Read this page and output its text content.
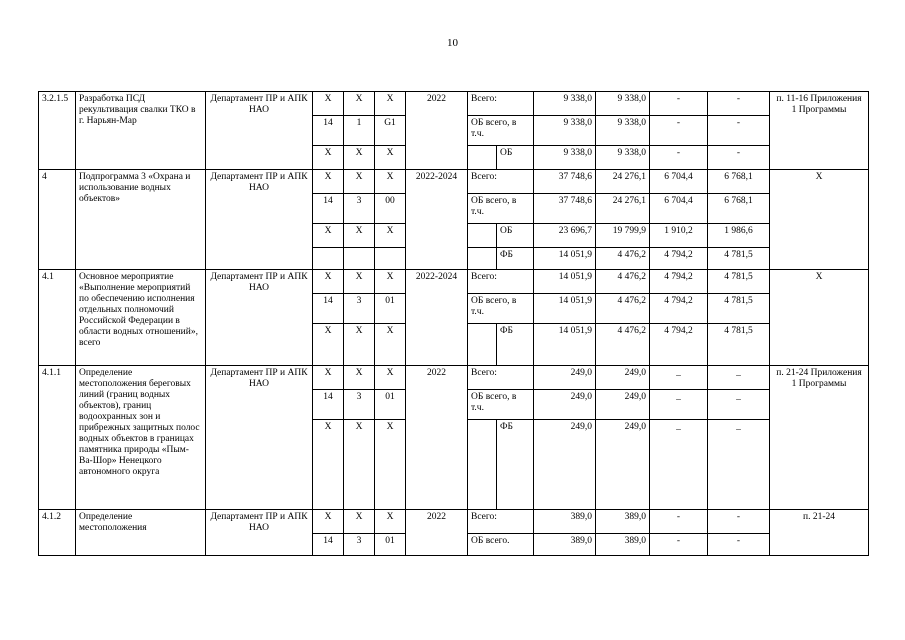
10
3.2.1.5	Разработка ПСД рекультивация свалки ТКО в г. Нарьян-Мар	Департамент ПР и АПК НАО	X	X	X	2022	Всего:		9 338,0	9 338,0	-	-	п. 11-16 Приложения 1 Программы
			14	1	G1		ОБ всего, в т.ч.		9 338,0	9 338,0	-	-	
			X	X	X			ОБ	9 338,0	9 338,0	-	-	
4	Подпрограмма 3 «Охрана и использование водных объектов»	Департамент ПР и АПК НАО	X	X	X	2022-2024	Всего:		37 748,6	24 276,1	6 704,4	6 768,1	X
			14	3	00		ОБ всего, в т.ч.		37 748,6	24 276,1	6 704,4	6 768,1	
			X	X	X			ОБ	23 696,7	19 799,9	1 910,2	1 986,6	
								ФБ	14 051,9	4 476,2	4 794,2	4 781,5	
4.1	Основное мероприятие «Выполнение мероприятий по обеспечению исполнения отдельных полномочий Российской Федерации в области водных отношений», всего	Департамент ПР и АПК НАО	X	X	X	2022-2024	Всего:		14 051,9	4 476,2	4 794,2	4 781,5	X
			14	3	01		ОБ всего, в т.ч.		14 051,9	4 476,2	4 794,2	4 781,5	
			X	X	X			ФБ	14 051,9	4 476,2	4 794,2	4 781,5	
4.1.1	Определение местоположения береговых линий (границ водных объектов), границ водоохранных зон и прибрежных защитных полос водных объектов в границах памятника природы «Пым-Ва-Шор» Ненецкого автономного округа	Департамент ПР и АПК НАО	X	X	X	2022	Всего:		249,0	249,0	_	_	п. 21-24 Приложения 1 Программы
			14	3	01		ОБ всего, в т.ч.		249,0	249,0	_	_	
			X	X	X			ФБ	249,0	249,0	_	_	
4.1.2	Определение местоположения	Департамент ПР и АПК НАО	X	X	X	2022	Всего:		389,0	389,0	-	-	п. 21-24
			14	3	01		ОБ всего.		389,0	389,0	-	-	
